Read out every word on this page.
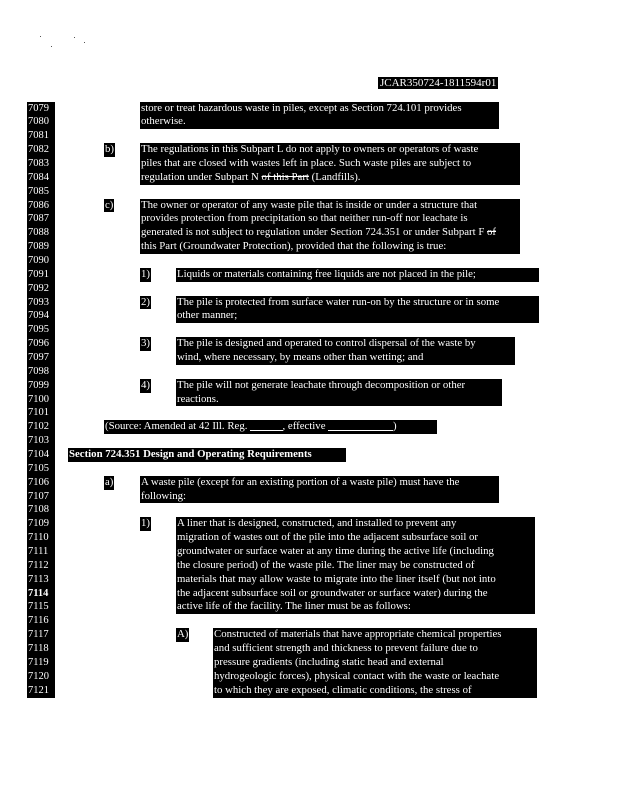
JCAR350724-1811594r01
7079	store or treat hazardous waste in piles, except as Section 724.101 provides
7080	otherwise.
7081
7082	b)	The regulations in this Subpart L do not apply to owners or operators of waste
7083	piles that are closed with wastes left in place. Such waste piles are subject to
7084	regulation under Subpart N of this Part (Landfills).
7085
7086	c)	The owner or operator of any waste pile that is inside or under a structure that
7087	provides protection from precipitation so that neither run-off nor leachate is
7088	generated is not subject to regulation under Section 724.351 or under Subpart F of
7089	this Part (Groundwater Protection), provided that the following is true:
7090
7091	1)	Liquids or materials containing free liquids are not placed in the pile;
7092
7093	2)	The pile is protected from surface water run-on by the structure or in some
7094	other manner;
7095
7096	3)	The pile is designed and operated to control dispersal of the waste by
7097	wind, where necessary, by means other than wetting; and
7098
7099	4)	The pile will not generate leachate through decomposition or other
7100	reactions.
7101
7102	(Source: Amended at 42 Ill. Reg. ______, effective ____________)
7103
7104	Section 724.351 Design and Operating Requirements
7105
7106	a)	A waste pile (except for an existing portion of a waste pile) must have the
7107	following:
7108
7109	1)	A liner that is designed, constructed, and installed to prevent any
7110	migration of wastes out of the pile into the adjacent subsurface soil or
7111	groundwater or surface water at any time during the active life (including
7112	the closure period) of the waste pile. The liner may be constructed of
7113	materials that may allow waste to migrate into the liner itself (but not into
7114	the adjacent subsurface soil or groundwater or surface water) during the
7115	active life of the facility. The liner must be as follows:
7116
7117	A) Constructed of materials that have appropriate chemical properties
7118	and sufficient strength and thickness to prevent failure due to
7119	pressure gradients (including static head and external
7120	hydrogeologic forces), physical contact with the waste or leachate
7121	to which they are exposed, climatic conditions, the stress of
